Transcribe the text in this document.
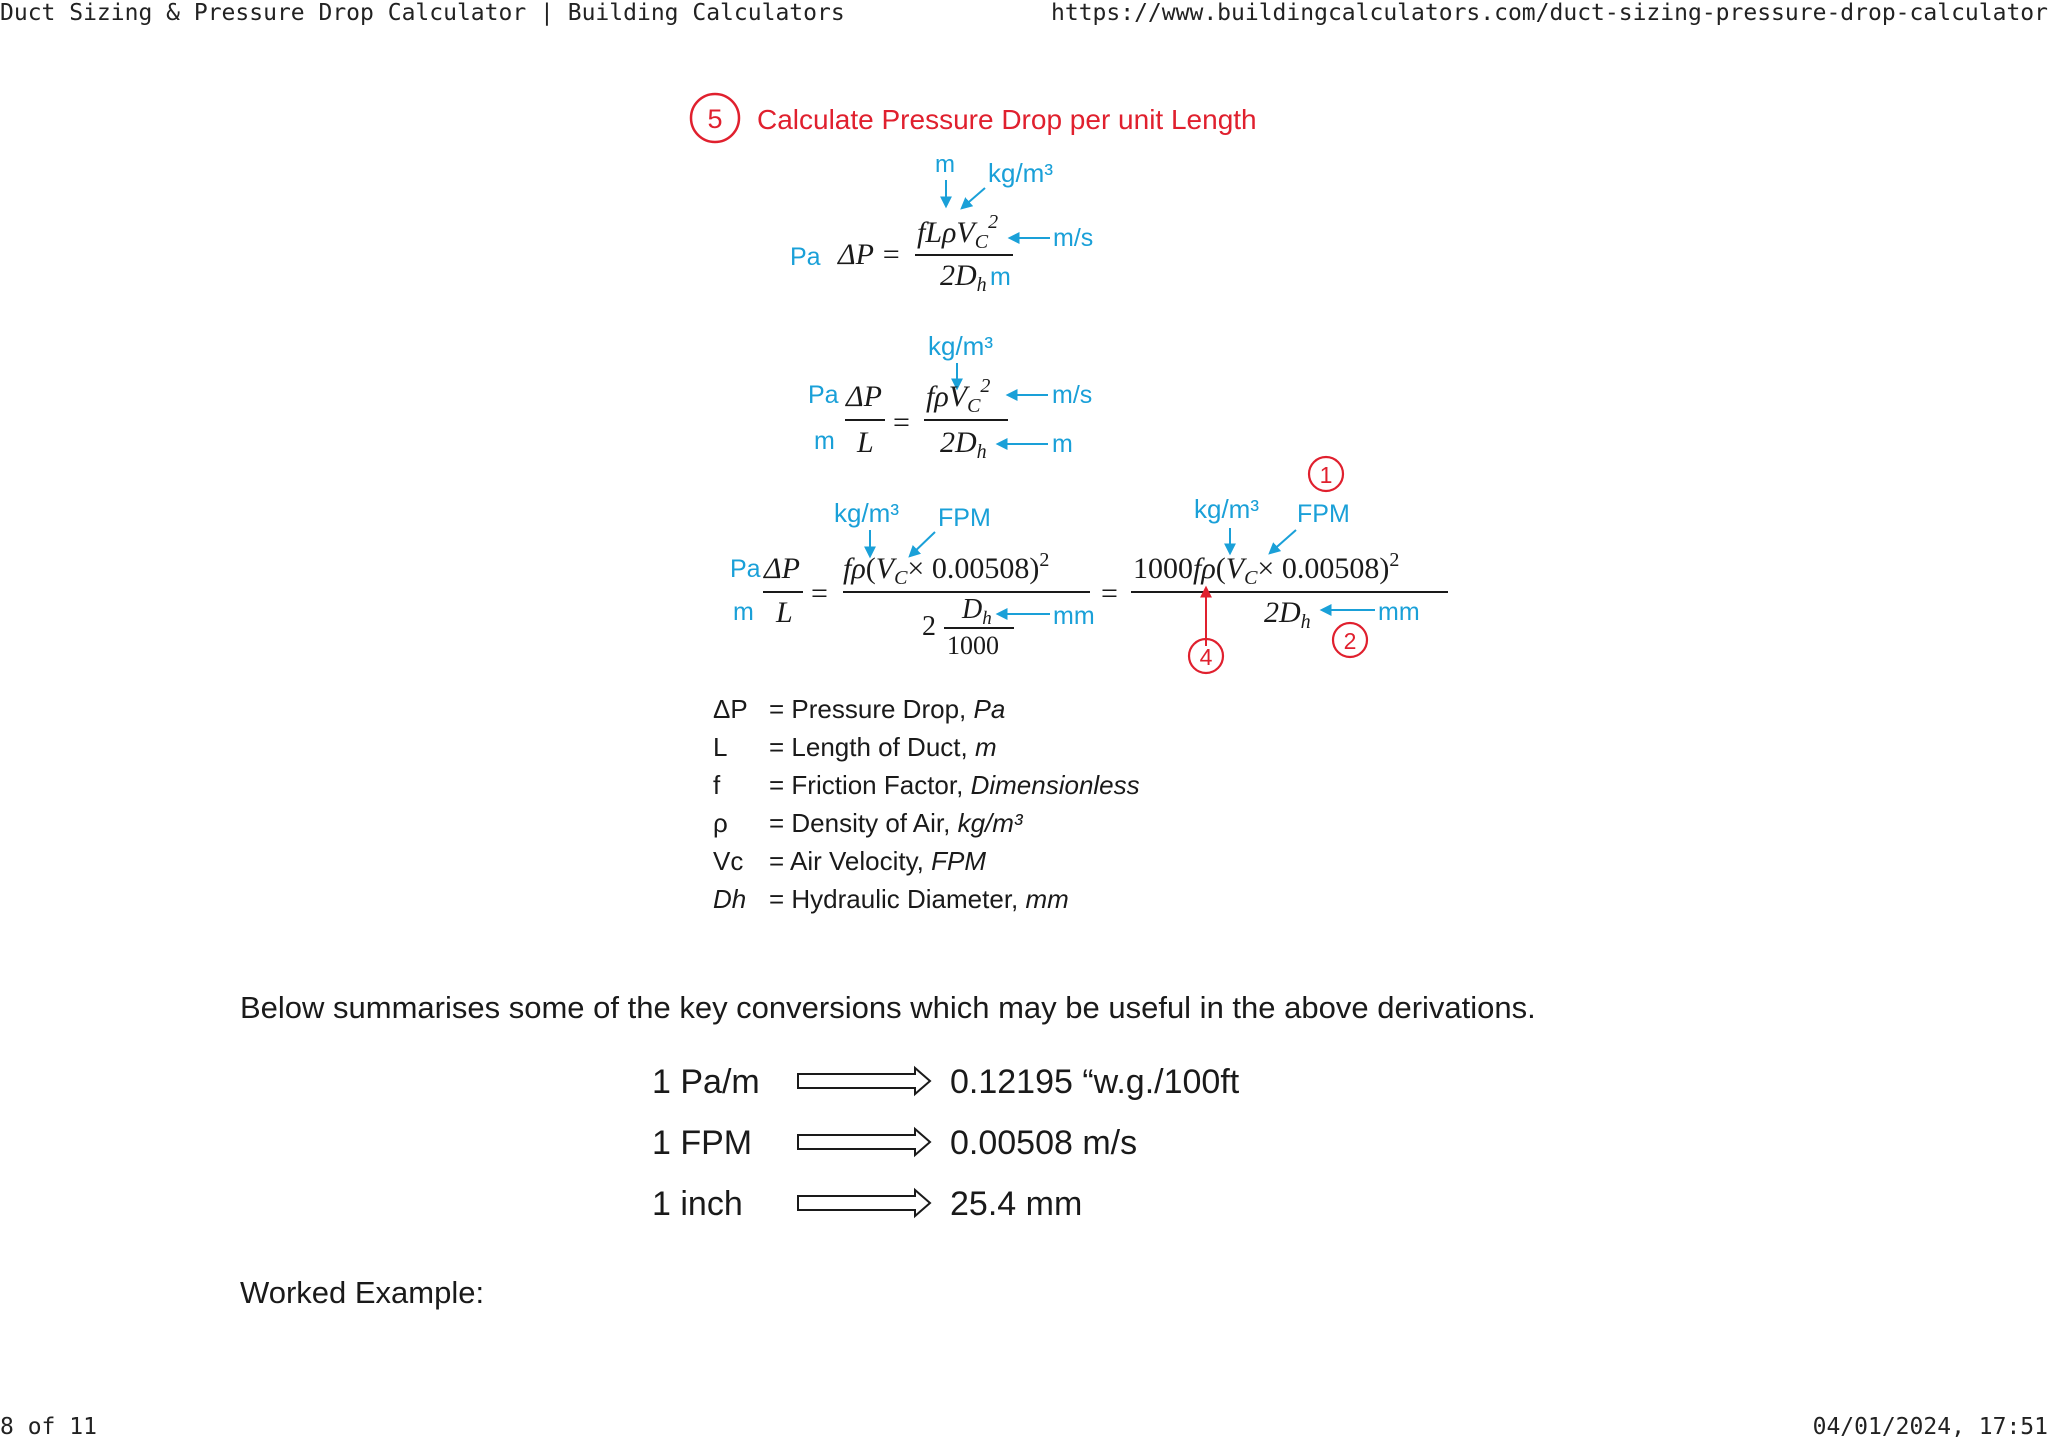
Duct Sizing & Pressure Drop Calculator | Building Calculators	https://www.buildingcalculators.com/duct-sizing-pressure-drop-calculator
5 Calculate Pressure Drop per unit Length
m kg/m³
Pa ΔP =
fLρV$_C^2$
$2D_h$ m
m/s
kg/m³
Pa
m
ΔP
L
=
fρV$_C^2$
$2D_h$
m/s
m
kg/m³ FPM
Pa
m
ΔP
L
=
$f\rho(V_C\times 0.00508)^2$
2
$D_h$
1000
mm
=
kg/m³ FPM
1
$1000f\rho(V_C\times 0.00508)^2$
$2D_h$	mm
4
2
ΔP = Pressure Drop, Pa
L = Length of Duct, m
f = Friction Factor, Dimensionless
ρ = Density of Air, kg/m³
Vc = Air Velocity, FPM
Dh = Hydraulic Diameter, mm
Below summarises some of the key conversions which may be useful in the above derivations.
1 Pa/m	0.12195 “w.g./100ft
1 FPM	0.00508 m/s
1 inch	25.4 mm
Worked Example:
8 of 11	04/01/2024, 17:51
